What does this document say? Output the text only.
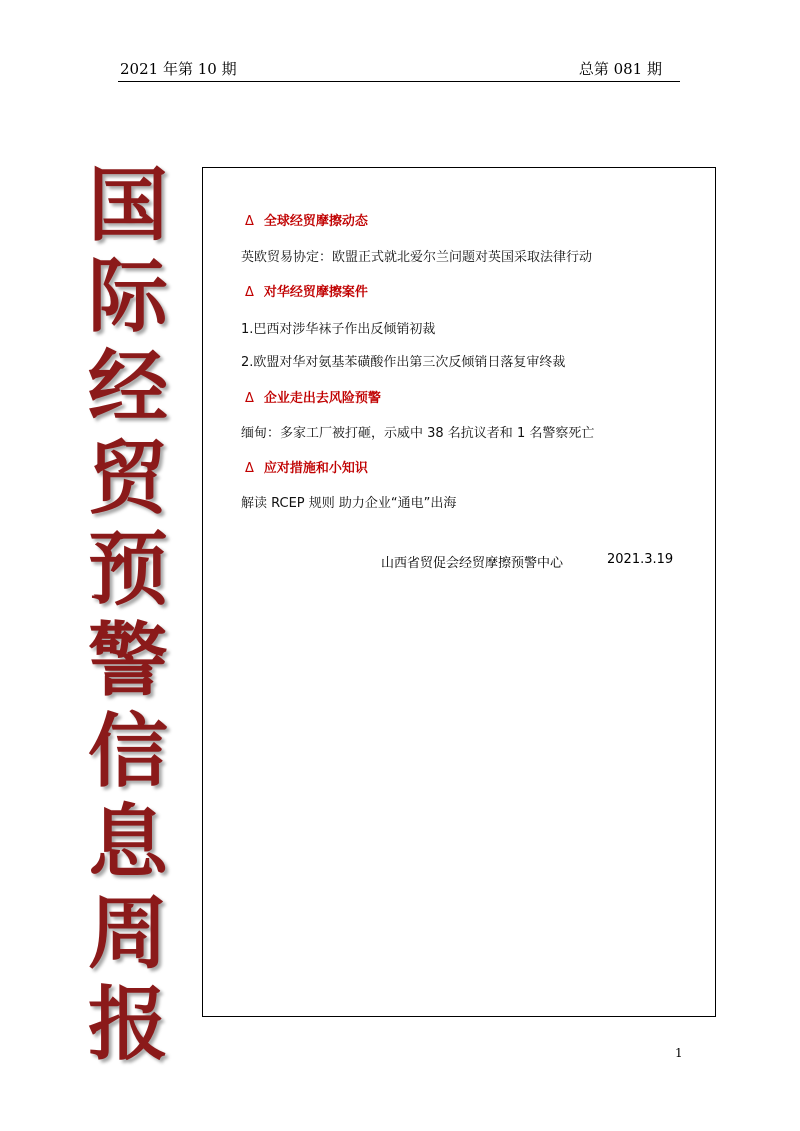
2021 年第 10 期	总第 081 期
国
际
经
贸
预
警
信
息
周
报
Δ 全球经贸摩擦动态
英欧贸易协定：欧盟正式就北爱尔兰问题对英国采取法律行动
Δ 对华经贸摩擦案件
1.巴西对涉华袜子作出反倾销初裁
2.欧盟对华对氨基苯磺酸作出第三次反倾销日落复审终裁
Δ 企业走出去风险预警
缅甸：多家工厂被打砸，示威中 38 名抗议者和 1 名警察死亡
Δ 应对措施和小知识
解读 RCEP 规则 助力企业“通电”出海
山西省贸促会经贸摩擦预警中心	2021.3.19
1
